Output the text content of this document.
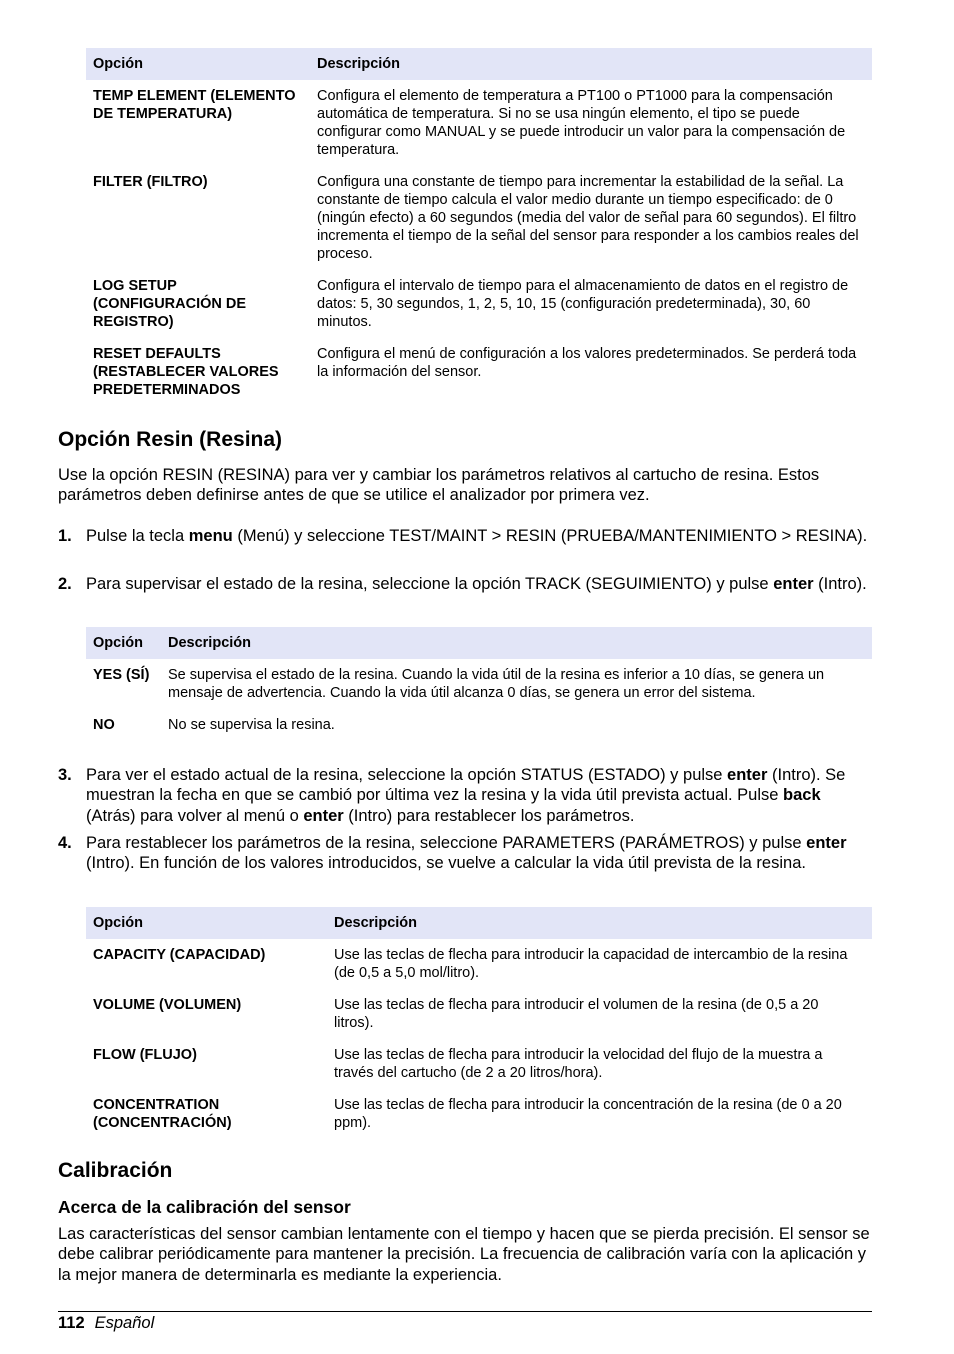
Opción	Descripción
TEMP ELEMENT (ELEMENTO DE TEMPERATURA)	Configura el elemento de temperatura a PT100 o PT1000 para la compensación automática de temperatura. Si no se usa ningún elemento, el tipo se puede configurar como MANUAL y se puede introducir un valor para la compensación de temperatura.
FILTER (FILTRO)	Configura una constante de tiempo para incrementar la estabilidad de la señal. La constante de tiempo calcula el valor medio durante un tiempo especificado: de 0 (ningún efecto) a 60 segundos (media del valor de señal para 60 segundos). El filtro incrementa el tiempo de la señal del sensor para responder a los cambios reales del proceso.
LOG SETUP (CONFIGURACIÓN DE REGISTRO)	Configura el intervalo de tiempo para el almacenamiento de datos en el registro de datos: 5, 30 segundos, 1, 2, 5, 10, 15 (configuración predeterminada), 30, 60 minutos.
RESET DEFAULTS (RESTABLECER VALORES PREDETERMINADOS	Configura el menú de configuración a los valores predeterminados. Se perderá toda la información del sensor.
Opción Resin (Resina)

Use la opción RESIN (RESINA) para ver y cambiar los parámetros relativos al cartucho de resina. Estos parámetros deben definirse antes de que se utilice el analizador por primera vez.

1. Pulse la tecla menu (Menú) y seleccione TEST/MAINT > RESIN (PRUEBA/MANTENIMIENTO > RESINA).
2. Para supervisar el estado de la resina, seleccione la opción TRACK (SEGUIMIENTO) y pulse enter (Intro).
Opción	Descripción
YES (SÍ)	Se supervisa el estado de la resina. Cuando la vida útil de la resina es inferior a 10 días, se genera un mensaje de advertencia. Cuando la vida útil alcanza 0 días, se genera un error del sistema.
NO	No se supervisa la resina.
3. Para ver el estado actual de la resina, seleccione la opción STATUS (ESTADO) y pulse enter (Intro). Se muestran la fecha en que se cambió por última vez la resina y la vida útil prevista actual. Pulse back (Atrás) para volver al menú o enter (Intro) para restablecer los parámetros.
4. Para restablecer los parámetros de la resina, seleccione PARAMETERS (PARÁMETROS) y pulse enter (Intro). En función de los valores introducidos, se vuelve a calcular la vida útil prevista de la resina.
Opción	Descripción
CAPACITY (CAPACIDAD)	Use las teclas de flecha para introducir la capacidad de intercambio de la resina (de 0,5 a 5,0 mol/litro).
VOLUME (VOLUMEN)	Use las teclas de flecha para introducir el volumen de la resina (de 0,5 a 20 litros).
FLOW (FLUJO)	Use las teclas de flecha para introducir la velocidad del flujo de la muestra a través del cartucho (de 2 a 20 litros/hora).
CONCENTRATION (CONCENTRACIÓN)	Use las teclas de flecha para introducir la concentración de la resina (de 0 a 20 ppm).
Calibración
Acerca de la calibración del sensor

Las características del sensor cambian lentamente con el tiempo y hacen que se pierda precisión. El sensor se debe calibrar periódicamente para mantener la precisión. La frecuencia de calibración varía con la aplicación y la mejor manera de determinarla es mediante la experiencia.

112 Español
